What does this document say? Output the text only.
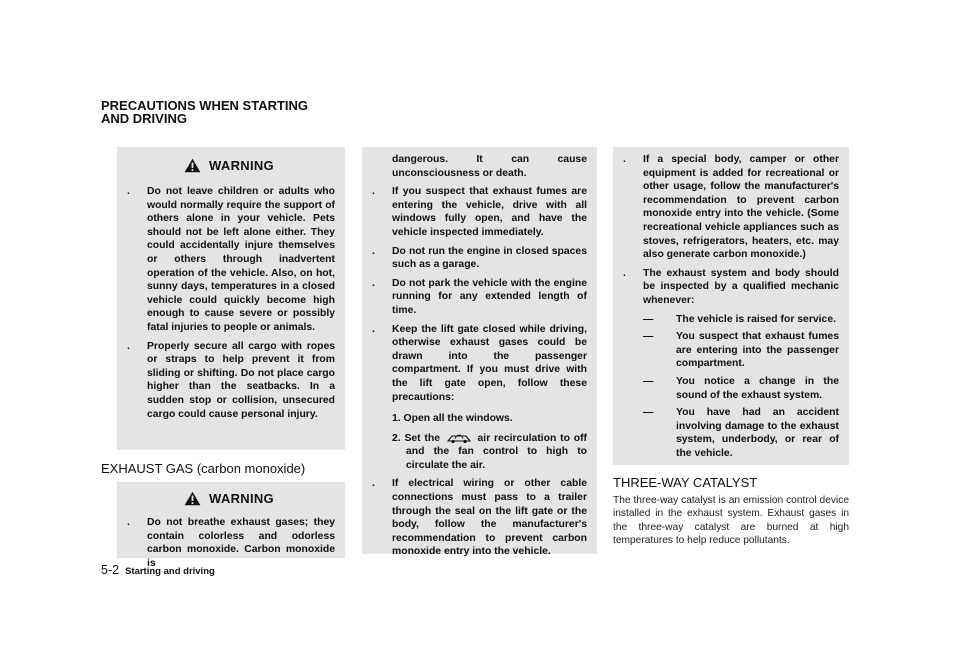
PRECAUTIONS WHEN STARTING
AND DRIVING
WARNING
. Do not leave children or adults who would normally require the support of others alone in your vehicle. Pets should not be left alone either. They could accidentally injure themselves or others through inadvertent operation of the vehicle. Also, on hot, sunny days, temperatures in a closed vehicle could quickly become high enough to cause severe or possibly fatal injuries to people or animals.
. Properly secure all cargo with ropes or straps to help prevent it from sliding or shifting. Do not place cargo higher than the seatbacks. In a sudden stop or collision, unsecured cargo could cause personal injury.
EXHAUST GAS (carbon monoxide)
WARNING
. Do not breathe exhaust gases; they contain colorless and odorless carbon monoxide. Carbon monoxide is
dangerous. It can cause unconsciousness or death.
. If you suspect that exhaust fumes are entering the vehicle, drive with all windows fully open, and have the vehicle inspected immediately.
. Do not run the engine in closed spaces such as a garage.
. Do not park the vehicle with the engine running for any extended length of time.
. Keep the lift gate closed while driving, otherwise exhaust gases could be drawn into the passenger compartment. If you must drive with the lift gate open, follow these precautions:
1. Open all the windows.
2. Set the	air recirculation to off and the fan control to high to circulate the air.
. If electrical wiring or other cable connections must pass to a trailer through the seal on the lift gate or the body, follow the manufacturer's recommendation to prevent carbon monoxide entry into the vehicle.
. If a special body, camper or other equipment is added for recreational or other usage, follow the manufacturer's recommendation to prevent carbon monoxide entry into the vehicle. (Some recreational vehicle appliances such as stoves, refrigerators, heaters, etc. may also generate carbon monoxide.)
. The exhaust system and body should be inspected by a qualified mechanic whenever:
— The vehicle is raised for service.
— You suspect that exhaust fumes are entering into the passenger compartment.
— You notice a change in the sound of the exhaust system.
— You have had an accident involving damage to the exhaust system, underbody, or rear of the vehicle.
THREE-WAY CATALYST
The three-way catalyst is an emission control device installed in the exhaust system. Exhaust gases in the three-way catalyst are burned at high temperatures to help reduce pollutants.
5-2 Starting and driving
